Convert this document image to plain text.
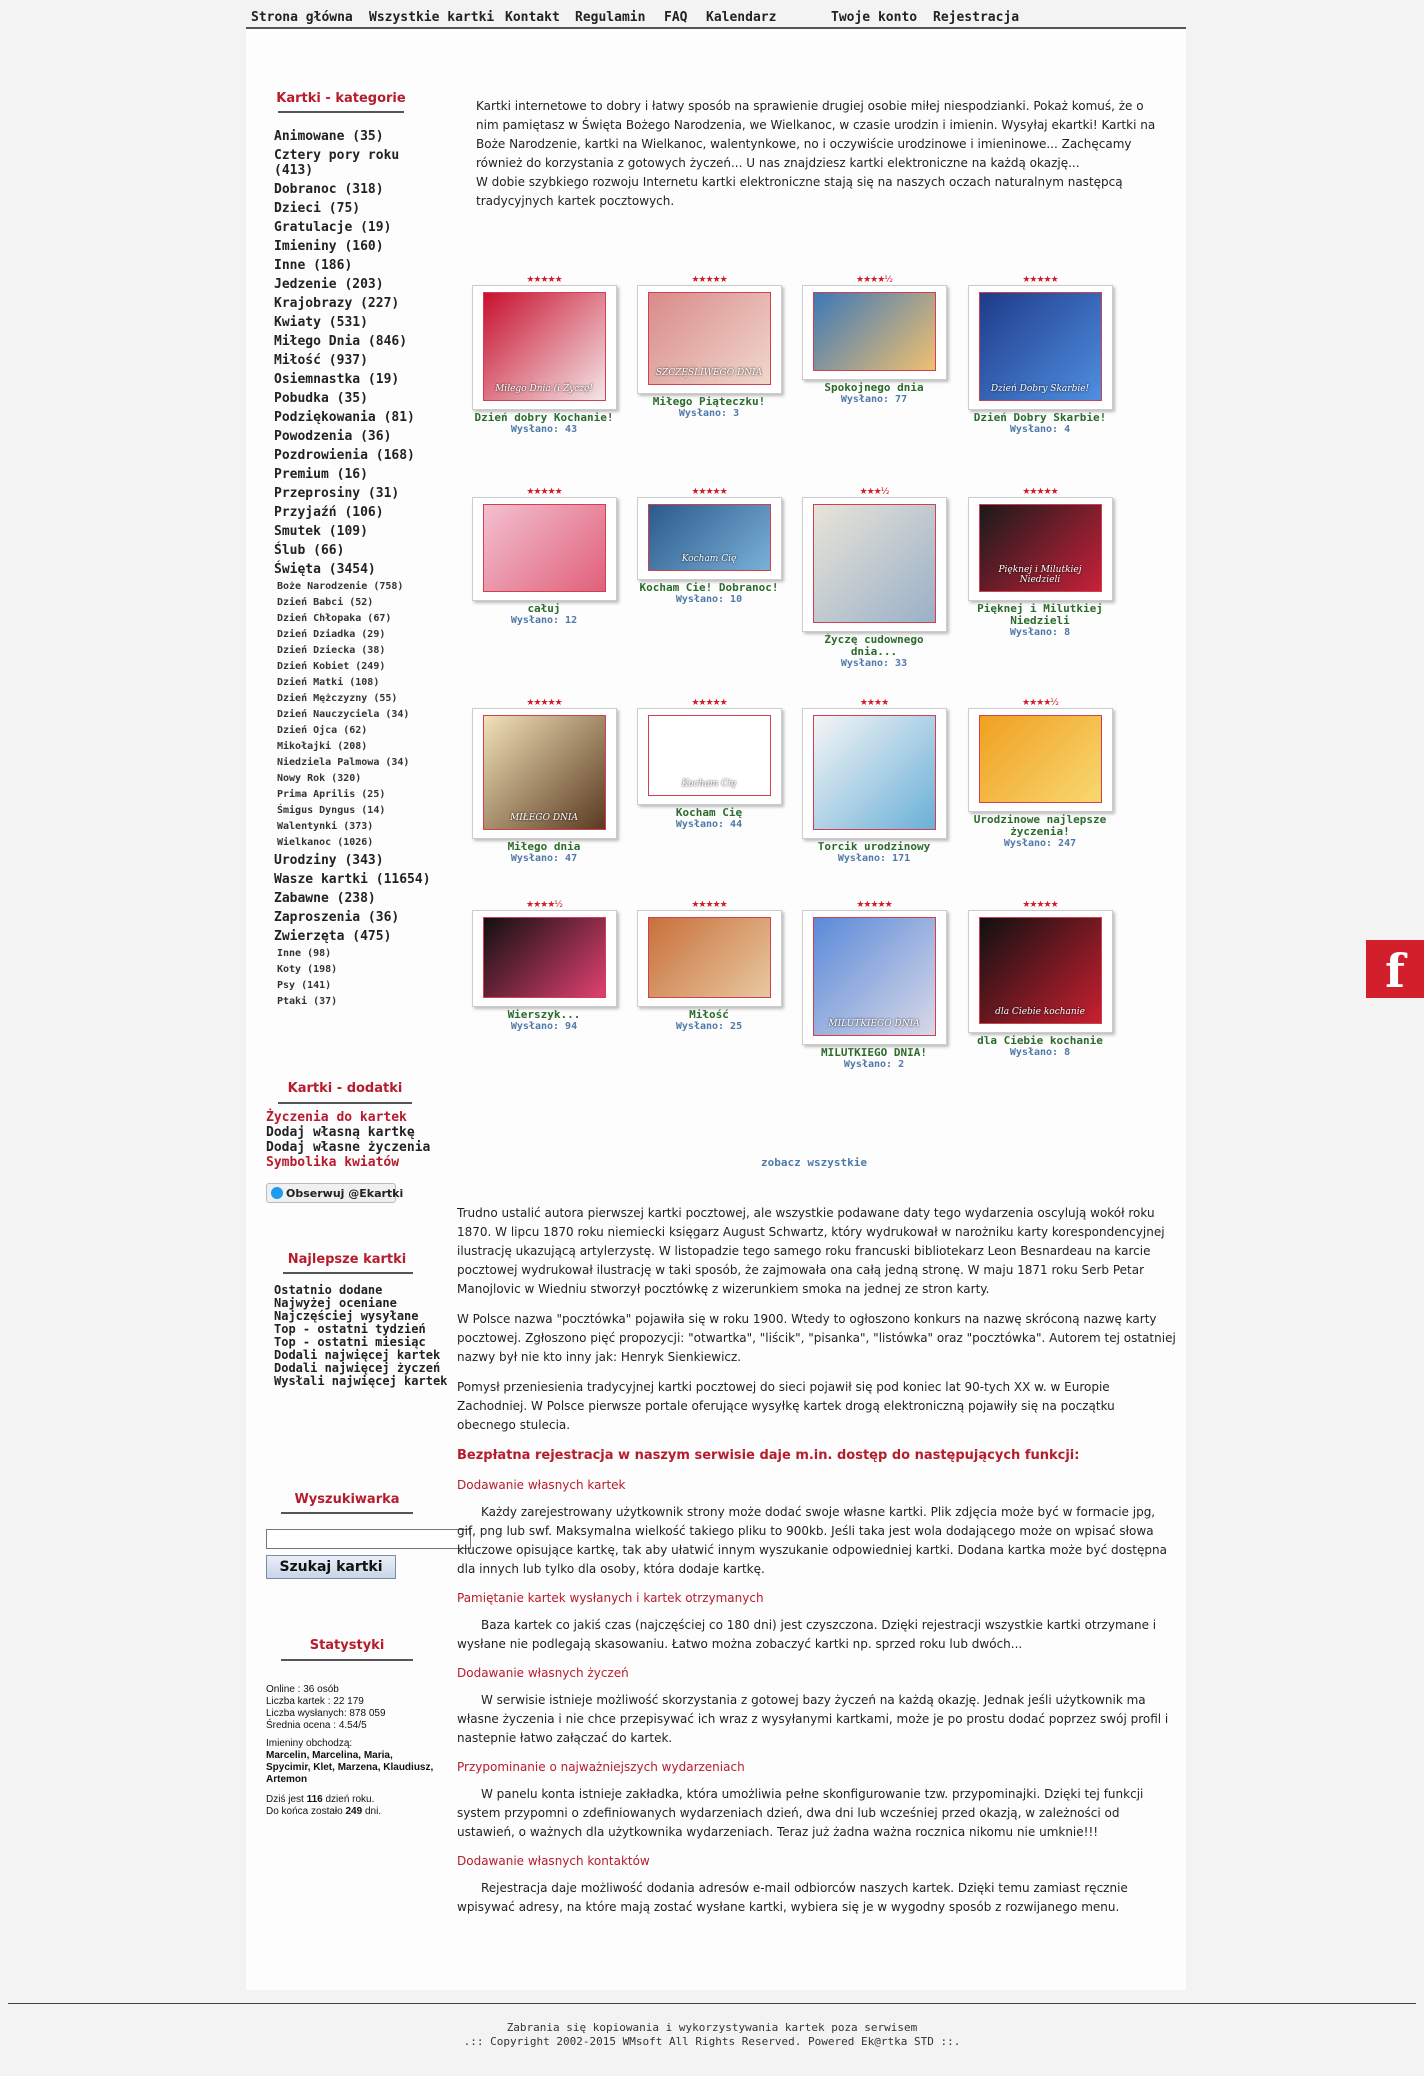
Strona główna Wszystkie kartki Kontakt Regulamin FAQ Kalendarz	Twoje konto Rejestracja
Kartki - kategorie
Animowane (35)
Cztery pory roku (413)
Dobranoc (318)
Dzieci (75)
Gratulacje (19)
Imieniny (160)
Inne (186)
Jedzenie (203)
Krajobrazy (227)
Kwiaty (531)
Miłego Dnia (846)
Miłość (937)
Osiemnastka (19)
Pobudka (35)
Podziękowania (81)
Powodzenia (36)
Pozdrowienia (168)
Premium (16)
Przeprosiny (31)
Przyjaźń (106)
Smutek (109)
Ślub (66)
Święta (3454)
Boże Narodzenie (758)
Dzień Babci (52)
Dzień Chłopaka (67)
Dzień Dziadka (29)
Dzień Dziecka (38)
Dzień Kobiet (249)
Dzień Matki (108)
Dzień Mężczyzny (55)
Dzień Nauczyciela (34)
Dzień Ojca (62)
Mikołajki (208)
Niedziela Palmowa (34)
Nowy Rok (320)
Prima Aprilis (25)
Śmigus Dyngus (14)
Walentynki (373)
Wielkanoc (1026)
Urodziny (343)
Wasze kartki (11654)
Zabawne (238)
Zaproszenia (36)
Zwierzęta (475)
Inne (98)
Koty (198)
Psy (141)
Ptaki (37)
Kartki - dodatki
Życzenia do kartek
Dodaj własną kartkę
Dodaj własne życzenia
Symbolika kwiatów
Obserwuj @Ekartki
Najlepsze kartki
Ostatnio dodane
Najwyżej oceniane
Najczęściej wysyłane
Top - ostatni tydzień
Top - ostatni miesiąc
Dodali najwięcej kartek
Dodali najwięcej życzeń
Wysłali najwięcej kartek
Wyszukiwarka
Szukaj kartki
Statystyki
Online : 36 osób
Liczba kartek : 22 179
Liczba wysłanych: 878 059
Średnia ocena : 4.54/5
Imieniny obchodzą:
Marcelin, Marcelina, Maria, Spycimir, Klet, Marzena, Klaudiusz, Artemon
Dziś jest 116 dzień roku.
Do końca zostało 249 dni.
Kartki internetowe to dobry i łatwy sposób na sprawienie drugiej osobie miłej niespodzianki. Pokaż komuś, że o nim pamiętasz w Święta Bożego Narodzenia, we Wielkanoc, w czasie urodzin i imienin. Wysyłaj ekartki! Kartki na Boże Narodzenie, kartki na Wielkanoc, walentynkowe, no i oczywiście urodzinowe i imieninowe... Zachęcamy również do korzystania z gotowych życzeń... U nas znajdziesz kartki elektroniczne na każdą okazję...
W dobie szybkiego rozwoju Internetu kartki elektroniczne stają się na naszych oczach naturalnym następcą tradycyjnych kartek pocztowych.
★★★★★
Miłego Dnia (i Życzę!
Dzień dobry Kochanie!
Wysłano: 43
★★★★★
SZCZĘŚLIWEGO DNIA
Miłego Piąteczku!
Wysłano: 3
★★★★½
Spokojnego dnia
Wysłano: 77
★★★★★
Dzień Dobry Skarbie!
Dzień Dobry Skarbie!
Wysłano: 4
★★★★★
całuj
Wysłano: 12
★★★★★
Kocham Cię
Kocham Cie! Dobranoc!
Wysłano: 10
★★★½
Życzę cudownego dnia...
Wysłano: 33
★★★★★
Pięknej i Milutkiej Niedzieli
Pięknej i Milutkiej Niedzieli
Wysłano: 8
★★★★★
MIŁEGO DNIA
Miłego dnia
Wysłano: 47
★★★★★
Kocham Cię
Kocham Cię
Wysłano: 44
★★★★
Torcik urodzinowy
Wysłano: 171
★★★★½
Urodzinowe najlepsze życzenia!
Wysłano: 247
★★★★½
Wierszyk...
Wysłano: 94
★★★★★
Miłość
Wysłano: 25
★★★★★
MILUTKIEGO DNIA
MILUTKIEGO DNIA!
Wysłano: 2
★★★★★
dla Ciebie kochanie
dla Ciebie kochanie
Wysłano: 8
zobacz wszystkie

Trudno ustalić autora pierwszej kartki pocztowej, ale wszystkie podawane daty tego wydarzenia oscylują wokół roku 1870. W lipcu 1870 roku niemiecki księgarz August Schwartz, który wydrukował w narożniku karty korespondencyjnej ilustrację ukazującą artylerzystę. W listopadzie tego samego roku francuski bibliotekarz Leon Besnardeau na karcie pocztowej wydrukował ilustrację w taki sposób, że zajmowała ona całą jedną stronę. W maju 1871 roku Serb Petar Manojlovic w Wiedniu stworzył pocztówkę z wizerunkiem smoka na jednej ze stron karty.

W Polsce nazwa "pocztówka" pojawiła się w roku 1900. Wtedy to ogłoszono konkurs na nazwę skróconą nazwę karty pocztowej. Zgłoszono pięć propozycji: "otwartka", "liścik", "pisanka", "listówka" oraz "pocztówka". Autorem tej ostatniej nazwy był nie kto inny jak: Henryk Sienkiewicz.

Pomysł przeniesienia tradycyjnej kartki pocztowej do sieci pojawił się pod koniec lat 90-tych XX w. w Europie Zachodniej. W Polsce pierwsze portale oferujące wysyłkę kartek drogą elektroniczną pojawiły się na początku obecnego stulecia.

Bezpłatna rejestracja w naszym serwisie daje m.in. dostęp do następujących funkcji:
Dodawanie własnych kartek
Każdy zarejestrowany użytkownik strony może dodać swoje własne kartki. Plik zdjęcia może być w formacie jpg, gif, png lub swf. Maksymalna wielkość takiego pliku to 900kb. Jeśli taka jest wola dodającego może on wpisać słowa kluczowe opisujące kartkę, tak aby ułatwić innym wyszukanie odpowiedniej kartki. Dodana kartka może być dostępna dla innych lub tylko dla osoby, która dodaje kartkę.
Pamiętanie kartek wysłanych i kartek otrzymanych
Baza kartek co jakiś czas (najczęściej co 180 dni) jest czyszczona. Dzięki rejestracji wszystkie kartki otrzymane i wysłane nie podlegają skasowaniu. Łatwo można zobaczyć kartki np. sprzed roku lub dwóch...
Dodawanie własnych życzeń
W serwisie istnieje możliwość skorzystania z gotowej bazy życzeń na każdą okazję. Jednak jeśli użytkownik ma własne życzenia i nie chce przepisywać ich wraz z wysyłanymi kartkami, może je po prostu dodać poprzez swój profil i nastepnie łatwo załączać do kartek.
Przypominanie o najważniejszych wydarzeniach
W panelu konta istnieje zakładka, która umożliwia pełne skonfigurowanie tzw. przypominajki. Dzięki tej funkcji system przypomni o zdefiniowanych wydarzeniach dzień, dwa dni lub wcześniej przed okazją, w zależności od ustawień, o ważnych dla użytkownika wydarzeniach. Teraz już żadna ważna rocznica nikomu nie umknie!!!
Dodawanie własnych kontaktów
Rejestracja daje możliwość dodania adresów e-mail odbiorców naszych kartek. Dzięki temu zamiast ręcznie wpisywać adresy, na które mają zostać wysłane kartki, wybiera się je w wygodny sposób z rozwijanego menu.
Zabrania się kopiowania i wykorzystywania kartek poza serwisem
.:: Copyright 2002-2015 WMsoft All Rights Reserved. Powered Ek@rtka STD ::.
f
